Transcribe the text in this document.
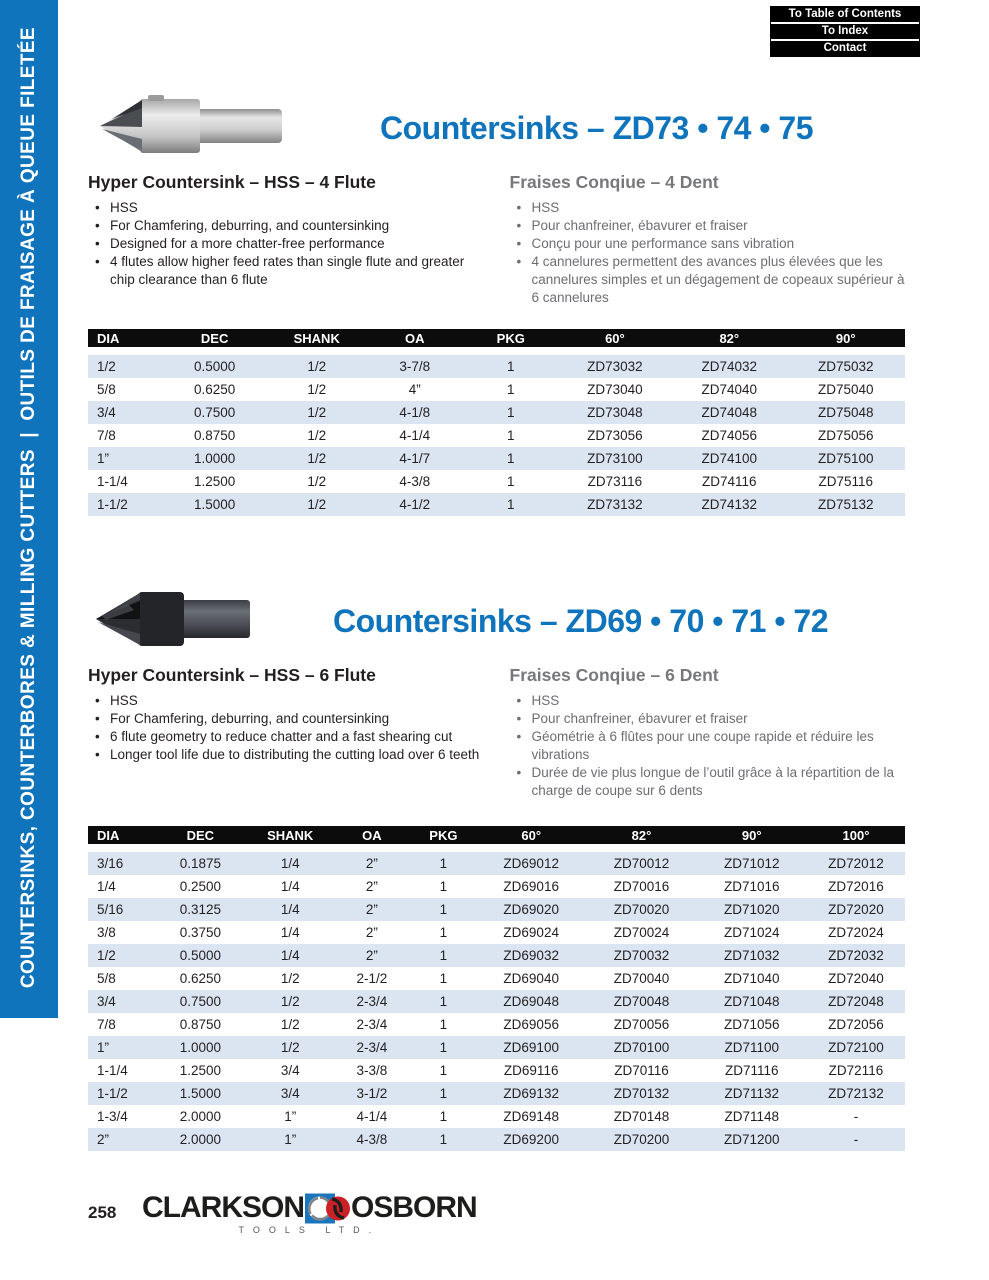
COUNTERSINKS, COUNTERBORES & MILLING CUTTERS  |  OUTILS DE FRAISAGE À QUEUE FILETÉE
To Table of Contents
To Index
Contact
Countersinks – ZD73 • 74 • 75
Hyper Countersink – HSS – 4 Flute
• HSS
• For Chamfering, deburring, and countersinking
• Designed for a more chatter-free performance
• 4 flutes allow higher feed rates than single flute and greater chip clearance than 6 flute
Fraises Conqiue – 4 Dent
• HSS
• Pour chanfreiner, ébavurer et fraiser
• Conçu pour une performance sans vibration
• 4 cannelures permettent des avances plus élevées que les cannelures simples et un dégagement de copeaux supérieur à 6 cannelures
DIA	DEC	SHANK	OA	PKG	60°	82°	90°
1/2	0.5000	1/2	3-7/8	1	ZD73032	ZD74032	ZD75032
5/8	0.6250	1/2	4”	1	ZD73040	ZD74040	ZD75040
3/4	0.7500	1/2	4-1/8	1	ZD73048	ZD74048	ZD75048
7/8	0.8750	1/2	4-1/4	1	ZD73056	ZD74056	ZD75056
1”	1.0000	1/2	4-1/7	1	ZD73100	ZD74100	ZD75100
1-1/4	1.2500	1/2	4-3/8	1	ZD73116	ZD74116	ZD75116
1-1/2	1.5000	1/2	4-1/2	1	ZD73132	ZD74132	ZD75132
Countersinks – ZD69 • 70 • 71 • 72
Hyper Countersink – HSS – 6 Flute
• HSS
• For Chamfering, deburring, and countersinking
• 6 flute geometry to reduce chatter and a fast shearing cut
• Longer tool life due to distributing the cutting load over 6 teeth
Fraises Conqiue – 6 Dent
• HSS
• Pour chanfreiner, ébavurer et fraiser
• Géométrie à 6 flûtes pour une coupe rapide et réduire les vibrations
• Durée de vie plus longue de l’outil grâce à la répartition de la charge de coupe sur 6 dents
DIA	DEC	SHANK	OA	PKG	60°	82°	90°	100°
3/16	0.1875	1/4	2”	1	ZD69012	ZD70012	ZD71012	ZD72012
1/4	0.2500	1/4	2”	1	ZD69016	ZD70016	ZD71016	ZD72016
5/16	0.3125	1/4	2”	1	ZD69020	ZD70020	ZD71020	ZD72020
3/8	0.3750	1/4	2”	1	ZD69024	ZD70024	ZD71024	ZD72024
1/2	0.5000	1/4	2”	1	ZD69032	ZD70032	ZD71032	ZD72032
5/8	0.6250	1/2	2-1/2	1	ZD69040	ZD70040	ZD71040	ZD72040
3/4	0.7500	1/2	2-3/4	1	ZD69048	ZD70048	ZD71048	ZD72048
7/8	0.8750	1/2	2-3/4	1	ZD69056	ZD70056	ZD71056	ZD72056
1”	1.0000	1/2	2-3/4	1	ZD69100	ZD70100	ZD71100	ZD72100
1-1/4	1.2500	3/4	3-3/8	1	ZD69116	ZD70116	ZD71116	ZD72116
1-1/2	1.5000	3/4	3-1/2	1	ZD69132	ZD70132	ZD71132	ZD72132
1-3/4	2.0000	1”	4-1/4	1	ZD69148	ZD70148	ZD71148	-
2”	2.0000	1”	4-3/8	1	ZD69200	ZD70200	ZD71200	-
258 CLARKSON OSBORN
TOOLS LTD.
